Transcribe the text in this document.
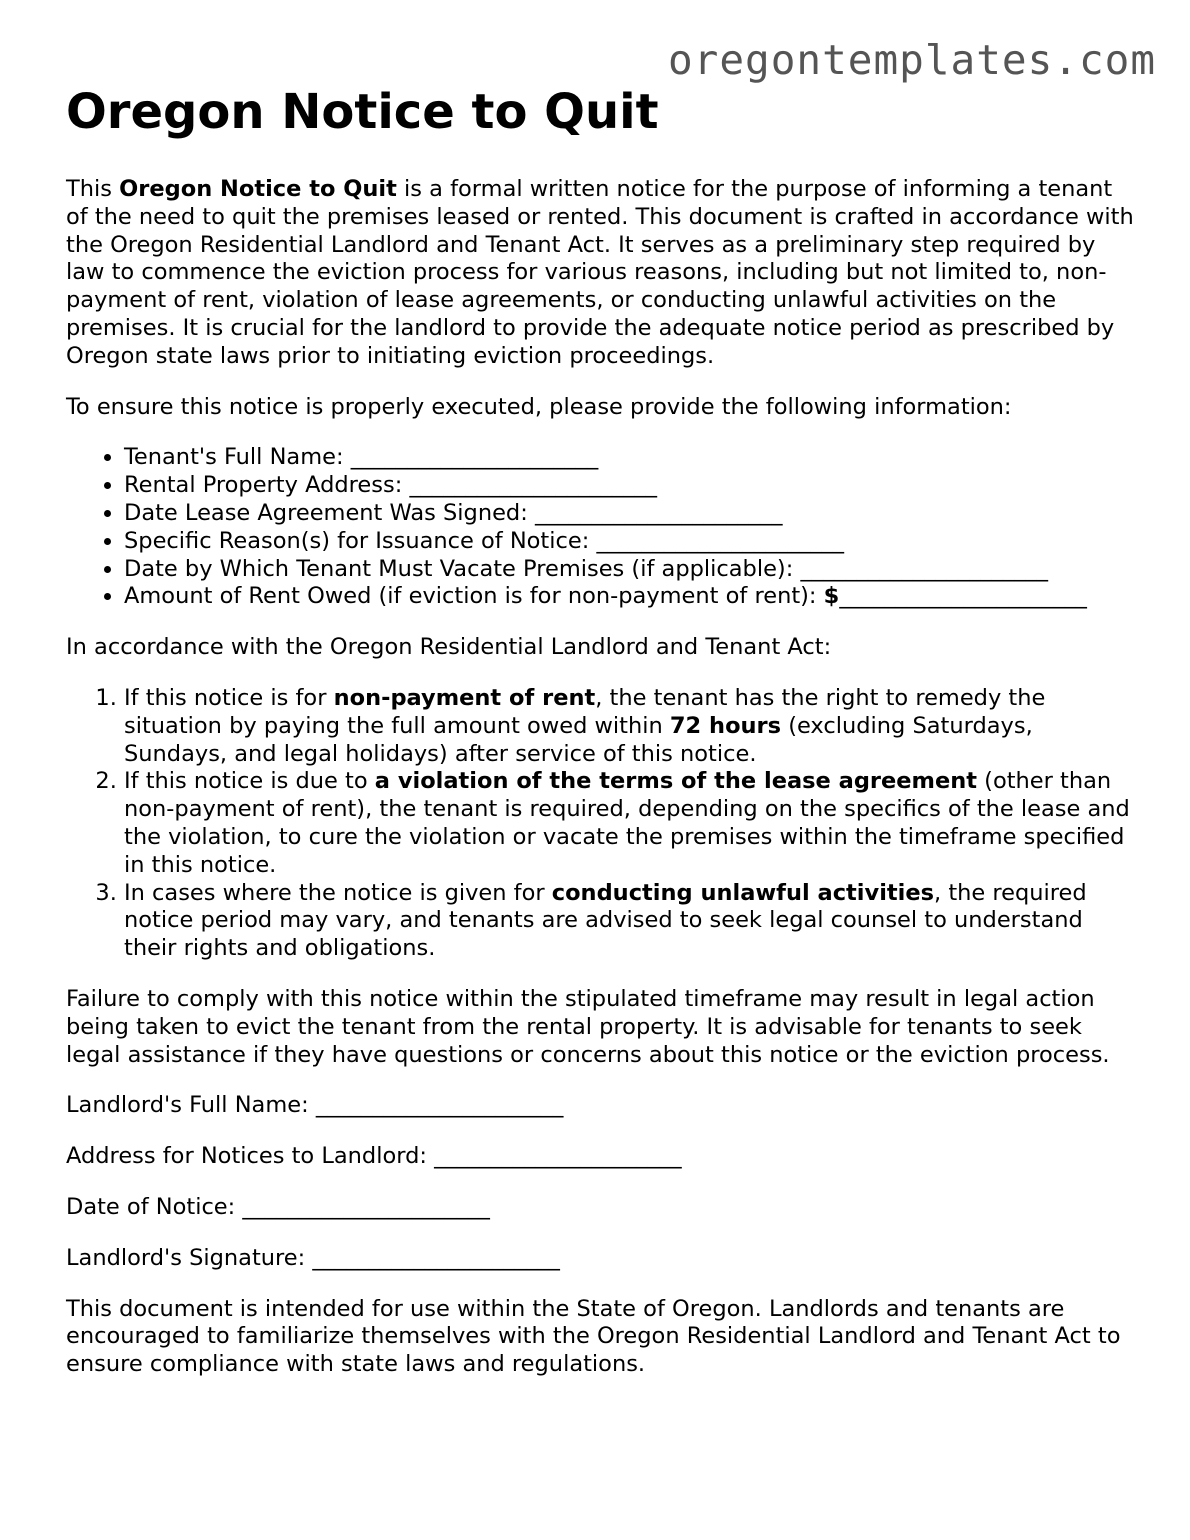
oregontemplates.com
Oregon Notice to Quit

This Oregon Notice to Quit is a formal written notice for the purpose of informing a tenant of the need to quit the premises leased or rented. This document is crafted in accordance with the Oregon Residential Landlord and Tenant Act. It serves as a preliminary step required by law to commence the eviction process for various reasons, including but not limited to, non-payment of rent, violation of lease agreements, or conducting unlawful activities on the premises. It is crucial for the landlord to provide the adequate notice period as prescribed by Oregon state laws prior to initiating eviction proceedings.

To ensure this notice is properly executed, please provide the following information:

• Tenant's Full Name: ______________________
• Rental Property Address: ______________________
• Date Lease Agreement Was Signed: ______________________
• Specific Reason(s) for Issuance of Notice: ______________________
• Date by Which Tenant Must Vacate Premises (if applicable): ______________________
• Amount of Rent Owed (if eviction is for non-payment of rent): $______________________

In accordance with the Oregon Residential Landlord and Tenant Act:

1. If this notice is for non-payment of rent, the tenant has the right to remedy the situation by paying the full amount owed within 72 hours (excluding Saturdays, Sundays, and legal holidays) after service of this notice.
2. If this notice is due to a violation of the terms of the lease agreement (other than non-payment of rent), the tenant is required, depending on the specifics of the lease and the violation, to cure the violation or vacate the premises within the timeframe specified in this notice.
3. In cases where the notice is given for conducting unlawful activities, the required notice period may vary, and tenants are advised to seek legal counsel to understand their rights and obligations.

Failure to comply with this notice within the stipulated timeframe may result in legal action being taken to evict the tenant from the rental property. It is advisable for tenants to seek legal assistance if they have questions or concerns about this notice or the eviction process.

Landlord's Full Name: ______________________

Address for Notices to Landlord: ______________________

Date of Notice: ______________________

Landlord's Signature: ______________________

This document is intended for use within the State of Oregon. Landlords and tenants are encouraged to familiarize themselves with the Oregon Residential Landlord and Tenant Act to ensure compliance with state laws and regulations.
